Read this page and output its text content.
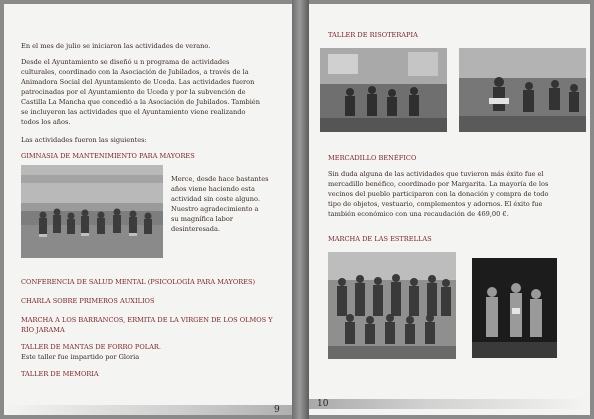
En el mes de julio se iniciaron las actividades de verano.
Desde el Ayuntamiento se diseñó u n programa de actividades
culturales, coordinado con la Asociación de Jubilados, a través de la
Animadora Social del Ayuntamiento de Uceda. Las actividades fueron
patrocinadas por el Ayuntamiento de Uceda y por la subvención de
Castilla La Mancha que concedió a la Asociación de Jubilados. También
se incluyeron las actividades que el Ayuntamiento viene realizando
todos los años.
Las actividades fueron las siguientes:
GIMNASIA DE MANTENIMIENTO PARA MAYORES
Merce, desde hace bastantes
años viene haciendo esta
actividad sin coste alguno.
Nuestro agradecimiento a
su magnífica labor
desinteresada.
CONFERENCIA DE SALUD MENTAL (PSICOLOGÍA PARA MAYORES)
CHARLA SOBRE PRIMEROS AUXILIOS
MARCHA A LOS BARRANCOS, ERMITA DE LA VIRGEN DE LOS OLMOS Y
RÍO JARAMA
TALLER DE MANTAS DE FORRO POLAR.
Este taller fue impartido por Gloria
TALLER DE MEMORIA
9
TALLER DE RISOTERAPIA
MERCADILLO BENÉFICO
Sin duda alguna de las actividades que tuvieron más éxito fue el
mercadillo benéfico, coordinado por Margarita. La mayoría de los
vecinos del pueblo participaron con la donación y compra de todo
tipo de objetos, vestuario, complementos y adornos. El éxito fue
también económico con una recaudación de 469,00 €.
MARCHA DE LAS ESTRELLAS
10
